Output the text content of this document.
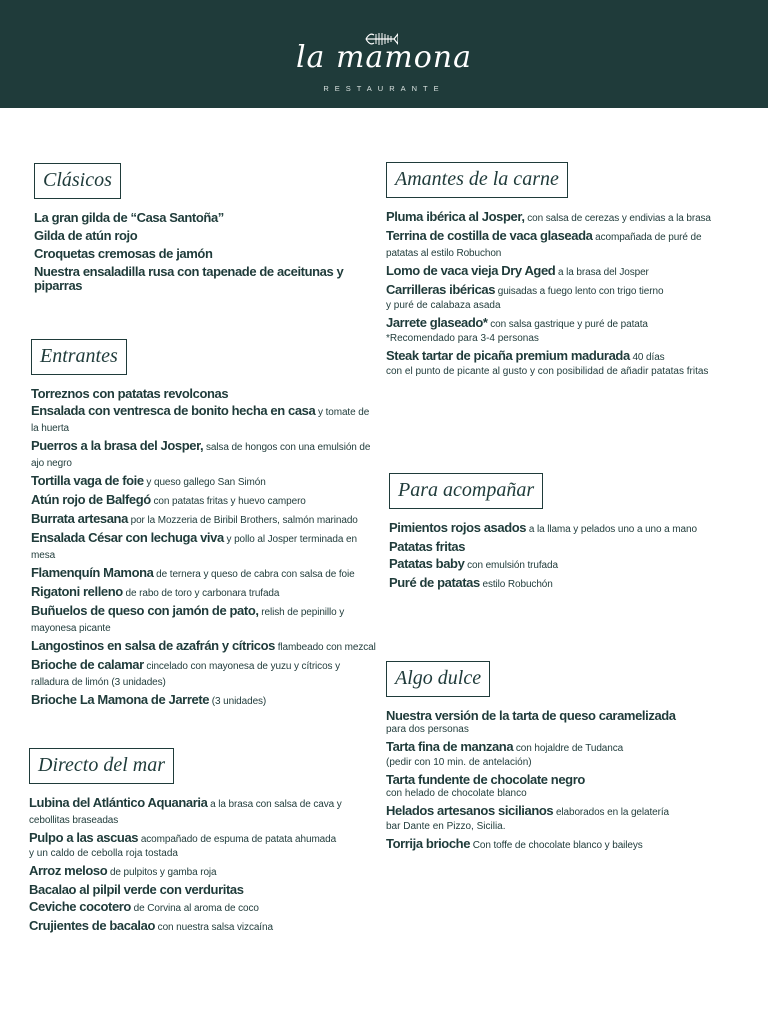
la mamona
RESTAURANTE
Clásicos
La gran gilda de “Casa Santoña”
Gilda de atún rojo
Croquetas cremosas de jamón
Nuestra ensaladilla rusa con tapenade de aceitunas y piparras
Entrantes
Torreznos con patatas revolconas
Ensalada con ventresca de bonito hecha en casa y tomate de la huerta
Puerros a la brasa del Josper, salsa de hongos con una emulsión de ajo negro
Tortilla vaga de foie y queso gallego San Simón
Atún rojo de Balfegó con patatas fritas y huevo campero
Burrata artesana por la Mozzeria de Biribil Brothers, salmón marinado
Ensalada César con lechuga viva y pollo al Josper terminada en mesa
Flamenquín Mamona de ternera y queso de cabra con salsa de foie
Rigatoni relleno de rabo de toro y carbonara trufada
Buñuelos de queso con jamón de pato, relish de pepinillo y mayonesa picante
Langostinos en salsa de azafrán y cítricos flambeado con mezcal
Brioche de calamar cincelado con mayonesa de yuzu y cítricos y ralladura de limón (3 unidades)
Brioche La Mamona de Jarrete (3 unidades)
Directo del mar
Lubina del Atlántico Aquanaria a la brasa con salsa de cava y cebollitas braseadas
Pulpo a las ascuas acompañado de espuma de patata ahumada
y un caldo de cebolla roja tostada
Arroz meloso de pulpitos y gamba roja
Bacalao al pilpil verde con verduritas
Ceviche cocotero de Corvina al aroma de coco
Crujientes de bacalao con nuestra salsa vizcaína
Amantes de la carne
Pluma ibérica al Josper, con salsa de cerezas y endivias a la brasa
Terrina de costilla de vaca glaseada acompañada de puré de patatas al estilo Robuchon
Lomo de vaca vieja Dry Aged a la brasa del Josper
Carrilleras ibéricas guisadas a fuego lento con trigo tierno
y puré de calabaza asada
Jarrete glaseado* con salsa gastrique y puré de patata
*Recomendado para 3-4 personas
Steak tartar de picaña premium madurada 40 días
con el punto de picante al gusto y con posibilidad de añadir patatas fritas
Para acompañar
Pimientos rojos asados a la llama y pelados uno a uno a mano
Patatas fritas
Patatas baby con emulsión trufada
Puré de patatas estilo Robuchón
Algo dulce
Nuestra versión de la tarta de queso caramelizada
para dos personas
Tarta fina de manzana con hojaldre de Tudanca
(pedir con 10 min. de antelación)
Tarta fundente de chocolate negro
con helado de chocolate blanco
Helados artesanos sicilianos elaborados en la gelatería
bar Dante en Pizzo, Sicilia.
Torrija brioche Con toffe de chocolate blanco y baileys
